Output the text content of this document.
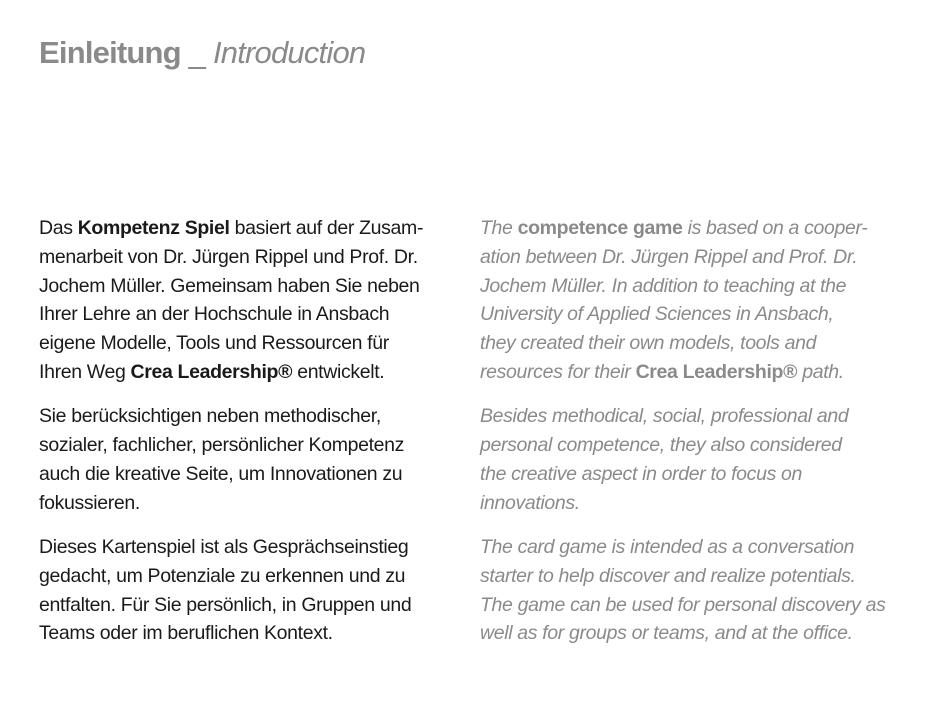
Einleitung _ Introduction

Das Kompetenz Spiel basiert auf der Zusam-
menarbeit von Dr. Jürgen Rippel und Prof. Dr.
Jochem Müller. Gemeinsam haben Sie neben
Ihrer Lehre an der Hochschule in Ansbach
eigene Modelle, Tools und Ressourcen für
Ihren Weg Crea Leadership® entwickelt.

Sie berücksichtigen neben methodischer,
sozialer, fachlicher, persönlicher Kompetenz
auch die kreative Seite, um Innovationen zu
fokussieren.

Dieses Kartenspiel ist als Gesprächseinstieg
gedacht, um Potenziale zu erkennen und zu
entfalten. Für Sie persönlich, in Gruppen und
Teams oder im beruflichen Kontext.

The competence game is based on a cooper-
ation between Dr. Jürgen Rippel and Prof. Dr.
Jochem Müller. In addition to teaching at the
University of Applied Sciences in Ansbach,
they created their own models, tools and
resources for their Crea Leadership® path.

Besides methodical, social, professional and
personal competence, they also considered
the creative aspect in order to focus on
innovations.

The card game is intended as a conversation
starter to help discover and realize potentials.
The game can be used for personal discovery as
well as for groups or teams, and at the office.
